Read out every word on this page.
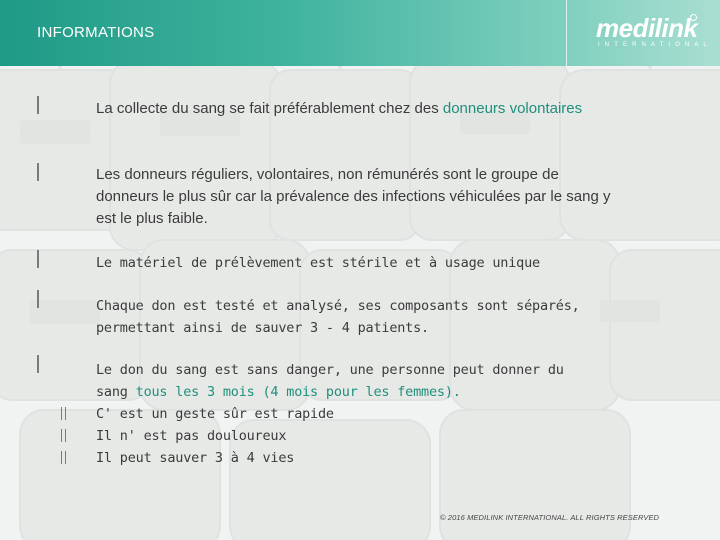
INFORMATIONS	medilink
INTERNATIONAL
La collecte du sang se fait préférablement chez des donneurs volontaires
Les donneurs réguliers, volontaires, non rémunérés sont le groupe de donneurs le plus sûr car la prévalence des infections véhiculées par le sang y est le plus faible.
Le matériel de prélèvement est stérile et à usage unique
Chaque don est testé et analysé, ses composants sont séparés, permettant ainsi de sauver 3 - 4 patients.
Le don du sang est sans danger, une personne peut donner du sang tous les 3 mois (4 mois pour les femmes).
C' est un geste sûr est rapide
Il n' est pas douloureux
Il peut sauver 3 à 4 vies
© 2016 MEDILINK INTERNATIONAL. ALL RIGHTS RESERVED
